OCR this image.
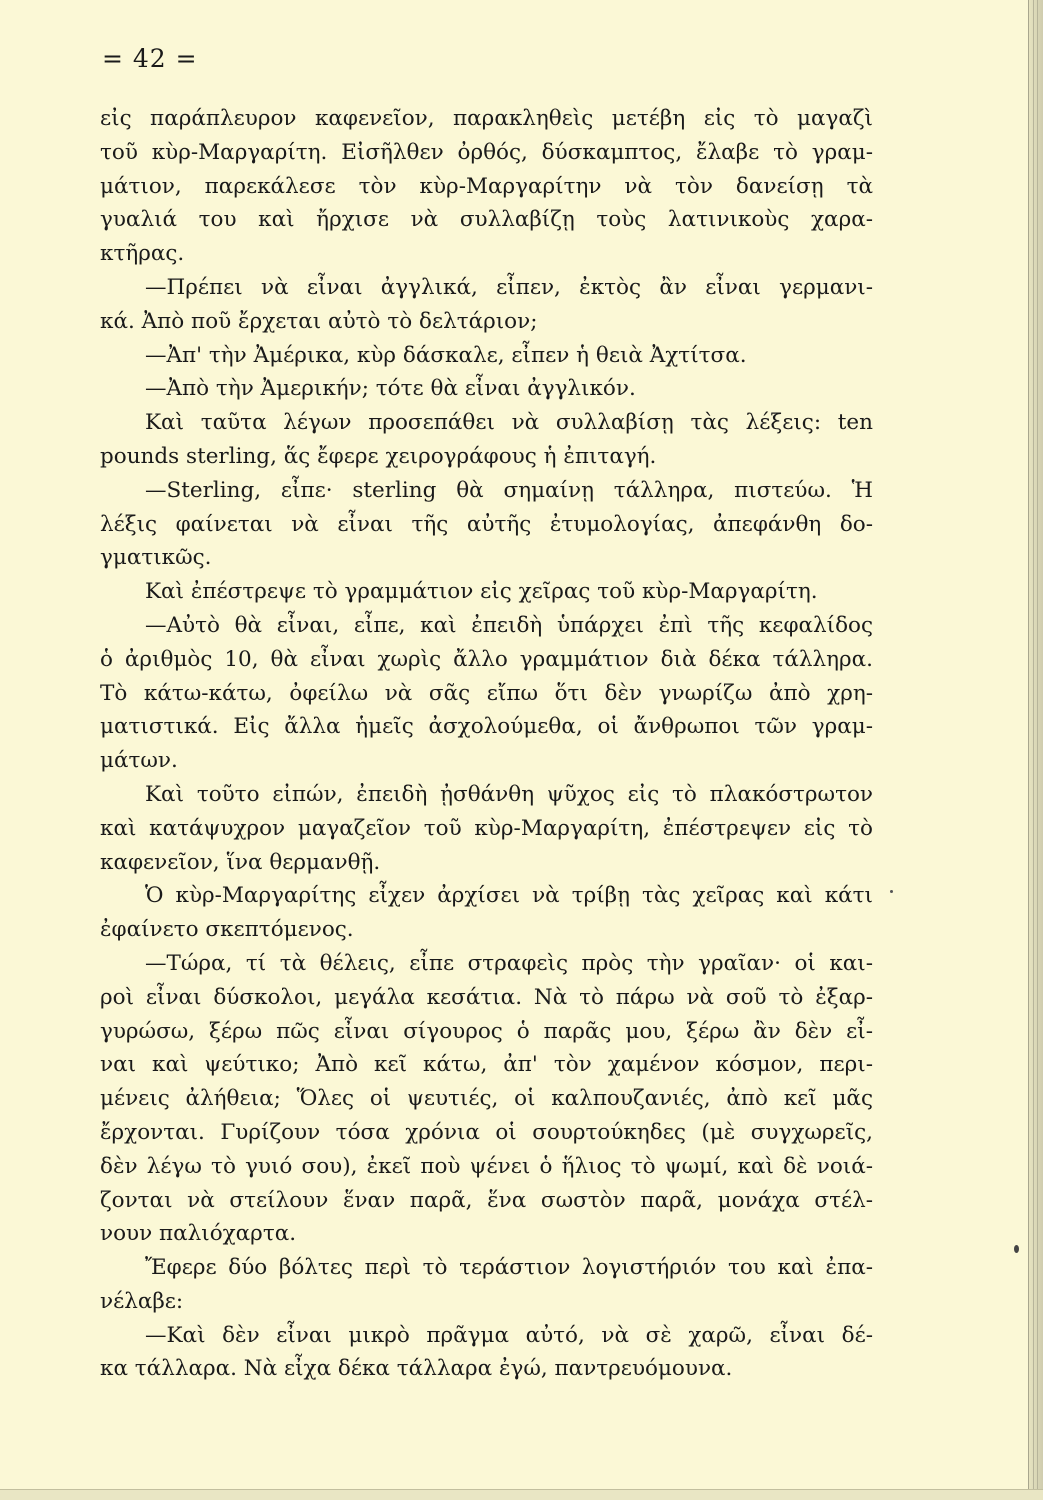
= 42 =
εἰς παράπλευρον καφενεῖον, παρακληθεὶς μετέβη εἰς τὸ μαγαζὶ
τοῦ κὺρ-Μαργαρίτη. Εἰσῆλθεν ὀρθός, δύσκαμπτος, ἔλαβε τὸ γραμ-
μάτιον, παρεκάλεσε τὸν κὺρ-Μαργαρίτην νὰ τὸν δανείσῃ τὰ
γυαλιά του καὶ ἤρχισε νὰ συλλαβίζῃ τοὺς λατινικοὺς χαρα-
κτῆρας.
—Πρέπει νὰ εἶναι ἀγγλικά, εἶπεν, ἐκτὸς ἂν εἶναι γερμανι-
κά. Ἀπὸ ποῦ ἔρχεται αὐτὸ τὸ δελτάριον;
—Ἀπ' τὴν Ἀμέρικα, κὺρ δάσκαλε, εἶπεν ἡ θειὰ Ἀχτίτσα.
—Ἀπὸ τὴν Ἀμερικήν; τότε θὰ εἶναι ἀγγλικόν.
Καὶ ταῦτα λέγων προσεπάθει νὰ συλλαβίσῃ τὰς λέξεις: ten
pounds sterling, ἅς ἔφερε χειρογράφους ἡ ἐπιταγή.
—Sterling, εἶπε· sterling θὰ σημαίνῃ τάλληρα, πιστεύω. Ἡ
λέξις φαίνεται νὰ εἶναι τῆς αὐτῆς ἐτυμολογίας, ἀπεφάνθη δο-
γματικῶς.
Καὶ ἐπέστρεψε τὸ γραμμάτιον εἰς χεῖρας τοῦ κὺρ-Μαργαρίτη.
—Αὐτὸ θὰ εἶναι, εἶπε, καὶ ἐπειδὴ ὑπάρχει ἐπὶ τῆς κεφαλίδος
ὁ ἀριθμὸς 10, θὰ εἶναι χωρὶς ἄλλο γραμμάτιον διὰ δέκα τάλληρα.
Τὸ κάτω-κάτω, ὀφείλω νὰ σᾶς εἴπω ὅτι δὲν γνωρίζω ἀπὸ χρη-
ματιστικά. Εἰς ἄλλα ἡμεῖς ἀσχολούμεθα, οἱ ἄνθρωποι τῶν γραμ-
μάτων.
Καὶ τοῦτο εἰπών, ἐπειδὴ ᾐσθάνθη ψῦχος εἰς τὸ πλακόστρωτον
καὶ κατάψυχρον μαγαζεῖον τοῦ κὺρ-Μαργαρίτη, ἐπέστρεψεν εἰς τὸ
καφενεῖον, ἵνα θερμανθῇ.
Ὁ κὺρ-Μαργαρίτης εἶχεν ἀρχίσει νὰ τρίβῃ τὰς χεῖρας καὶ κάτι
ἐφαίνετο σκεπτόμενος.
—Τώρα, τί τὰ θέλεις, εἶπε στραφεὶς πρὸς τὴν γραῖαν· οἱ και-
ροὶ εἶναι δύσκολοι, μεγάλα κεσάτια. Νὰ τὸ πάρω νὰ σοῦ τὸ ἐξαρ-
γυρώσω, ξέρω πῶς εἶναι σίγουρος ὁ παρᾶς μου, ξέρω ἂν δὲν εἶ-
ναι καὶ ψεύτικο; Ἀπὸ κεῖ κάτω, ἀπ' τὸν χαμένον κόσμον, περι-
μένεις ἀλήθεια; Ὅλες οἱ ψευτιές, οἱ καλπουζανιές, ἀπὸ κεῖ μᾶς
ἔρχονται. Γυρίζουν τόσα χρόνια οἱ σουρτούκηδες (μὲ συγχωρεῖς,
δὲν λέγω τὸ γυιό σου), ἐκεῖ ποὺ ψένει ὁ ἥλιος τὸ ψωμί, καὶ δὲ νοιά-
ζονται νὰ στείλουν ἕναν παρᾶ, ἕνα σωστὸν παρᾶ, μονάχα στέλ-
νουν παλιόχαρτα.
Ἔφερε δύο βόλτες περὶ τὸ τεράστιον λογιστήριόν του καὶ ἐπα-
νέλαβε:
—Καὶ δὲν εἶναι μικρὸ πρᾶγμα αὐτό, νὰ σὲ χαρῶ, εἶναι δέ-
κα τάλλαρα. Νὰ εἶχα δέκα τάλλαρα ἐγώ, παντρευόμουνα.
